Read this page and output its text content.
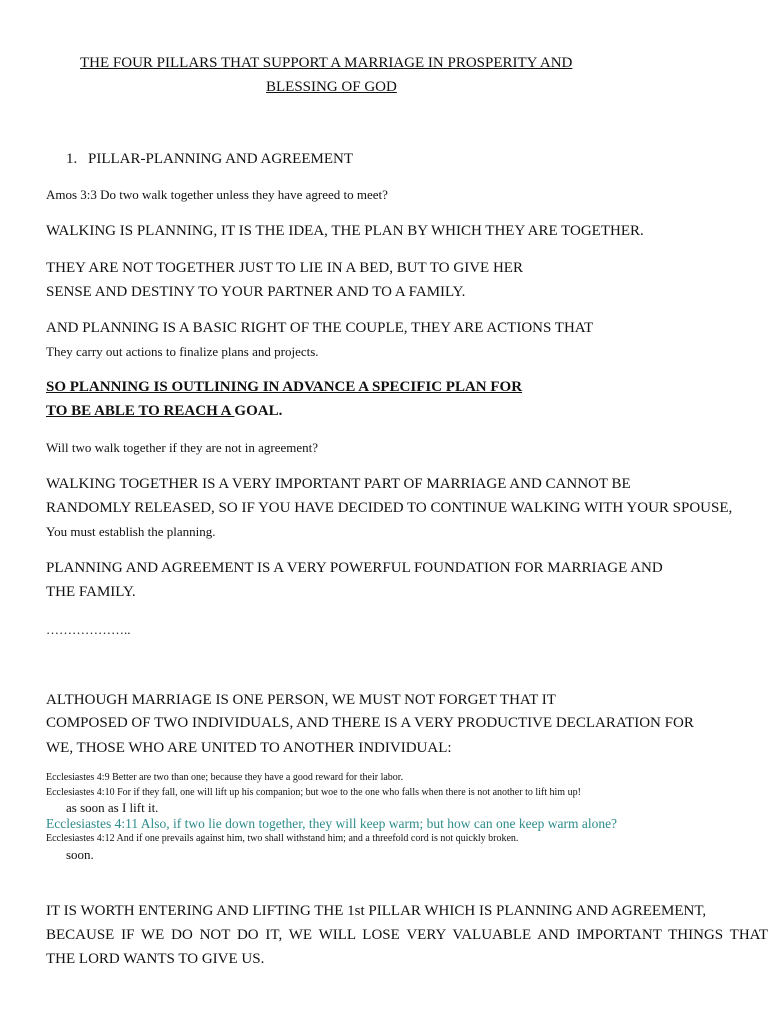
THE FOUR PILLARS THAT SUPPORT A MARRIAGE IN PROSPERITY AND
BLESSING OF GOD
1. PILLAR-PLANNING AND AGREEMENT
Amos 3:3 Do two walk together unless they have agreed to meet?
WALKING IS PLANNING, IT IS THE IDEA, THE PLAN BY WHICH THEY ARE TOGETHER.
THEY ARE NOT TOGETHER JUST TO LIE IN A BED, BUT TO GIVE HER
SENSE AND DESTINY TO YOUR PARTNER AND TO A FAMILY.
AND PLANNING IS A BASIC RIGHT OF THE COUPLE, THEY ARE ACTIONS THAT
They carry out actions to finalize plans and projects.
SO PLANNING IS OUTLINING IN ADVANCE A SPECIFIC PLAN FOR
TO BE ABLE TO REACH A GOAL.
Will two walk together if they are not in agreement?
WALKING TOGETHER IS A VERY IMPORTANT PART OF MARRIAGE AND CANNOT BE
RANDOMLY RELEASED, SO IF YOU HAVE DECIDED TO CONTINUE WALKING WITH YOUR SPOUSE,
You must establish the planning.
PLANNING AND AGREEMENT IS A VERY POWERFUL FOUNDATION FOR MARRIAGE AND
THE FAMILY.
………………..
ALTHOUGH MARRIAGE IS ONE PERSON, WE MUST NOT FORGET THAT IT
COMPOSED OF TWO INDIVIDUALS, AND THERE IS A VERY PRODUCTIVE DECLARATION FOR
WE, THOSE WHO ARE UNITED TO ANOTHER INDIVIDUAL:
Ecclesiastes 4:9 Better are two than one; because they have a good reward for their labor.
Ecclesiastes 4:10 For if they fall, one will lift up his companion; but woe to the one who falls when there is not another to lift him up!
as soon as I lift it.
Ecclesiastes 4:11 Also, if two lie down together, they will keep warm; but how can one keep warm alone?
Ecclesiastes 4:12 And if one prevails against him, two shall withstand him; and a threefold cord is not quickly broken.
soon.
IT IS WORTH ENTERING AND LIFTING THE 1st PILLAR WHICH IS PLANNING AND AGREEMENT,
BECAUSE IF WE DO NOT DO IT, WE WILL LOSE VERY VALUABLE AND IMPORTANT THINGS THAT
THE LORD WANTS TO GIVE US.
